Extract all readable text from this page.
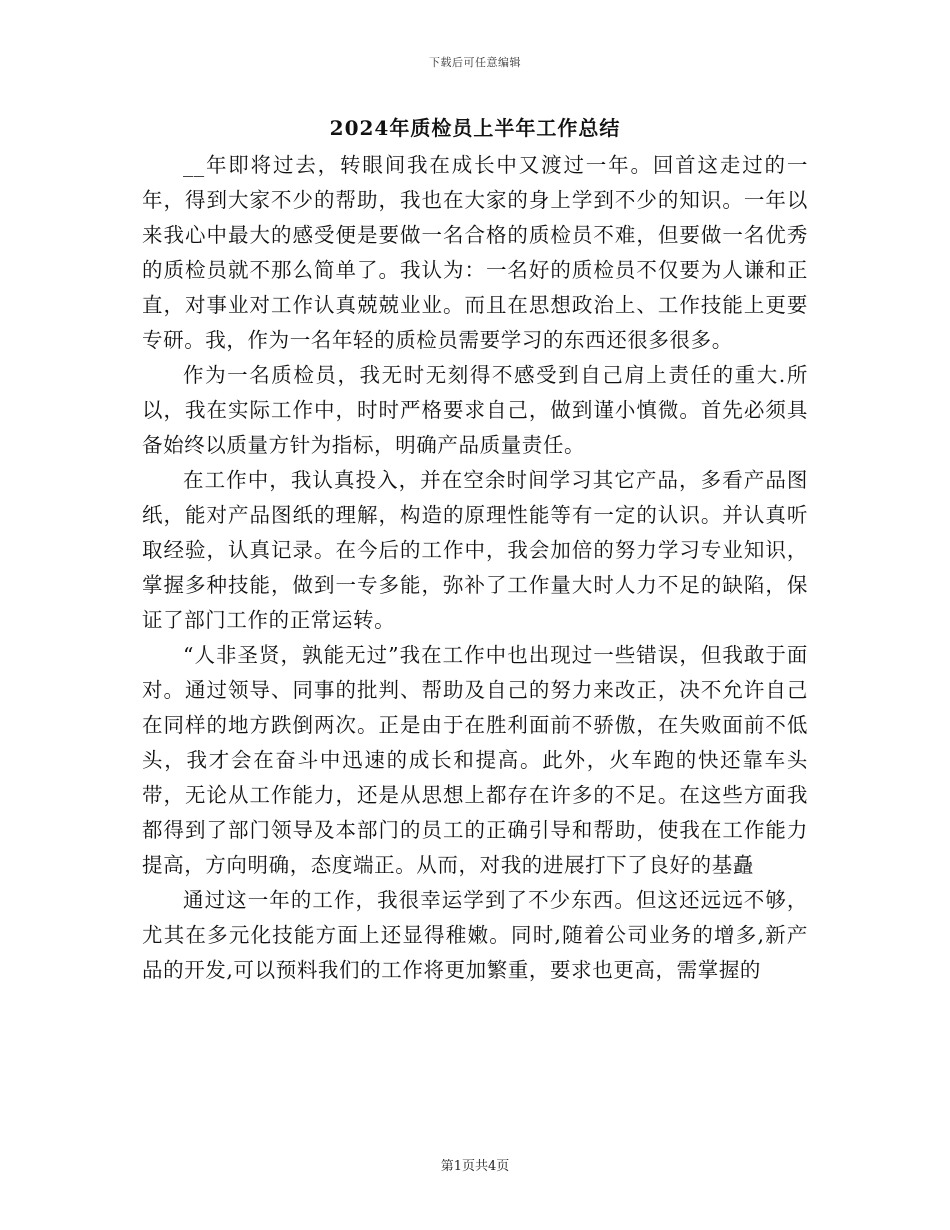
下载后可任意编辑
2024年质检员上半年工作总结

__年即将过去，转眼间我在成长中又渡过一年。回首这走过的一年，得到大家不少的帮助，我也在大家的身上学到不少的知识。一年以来我心中最大的感受便是要做一名合格的质检员不难，但要做一名优秀的质检员就不那么简单了。我认为：一名好的质检员不仅要为人谦和正直，对事业对工作认真兢兢业业。而且在思想政治上、工作技能上更要专研。我，作为一名年轻的质检员需要学习的东西还很多很多。

作为一名质检员，我无时无刻得不感受到自己肩上责任的重大.所以，我在实际工作中，时时严格要求自己，做到谨小慎微。首先必须具备始终以质量方针为指标，明确产品质量责任。

在工作中，我认真投入，并在空余时间学习其它产品，多看产品图纸，能对产品图纸的理解，构造的原理性能等有一定的认识。并认真听取经验，认真记录。在今后的工作中，我会加倍的努力学习专业知识，掌握多种技能，做到一专多能，弥补了工作量大时人力不足的缺陷，保证了部门工作的正常运转。

“人非圣贤，孰能无过”我在工作中也出现过一些错误，但我敢于面对。通过领导、同事的批判、帮助及自己的努力来改正，决不允许自己在同样的地方跌倒两次。正是由于在胜利面前不骄傲，在失败面前不低头，我才会在奋斗中迅速的成长和提高。此外，火车跑的快还靠车头带，无论从工作能力，还是从思想上都存在许多的不足。在这些方面我都得到了部门领导及本部门的员工的正确引导和帮助，使我在工作能力提高，方向明确，态度端正。从而，对我的进展打下了良好的基矗

通过这一年的工作，我很幸运学到了不少东西。但这还远远不够，尤其在多元化技能方面上还显得稚嫩。同时,随着公司业务的增多,新产品的开发,可以预料我们的工作将更加繁重，要求也更高，需掌握的

第1页共4页
